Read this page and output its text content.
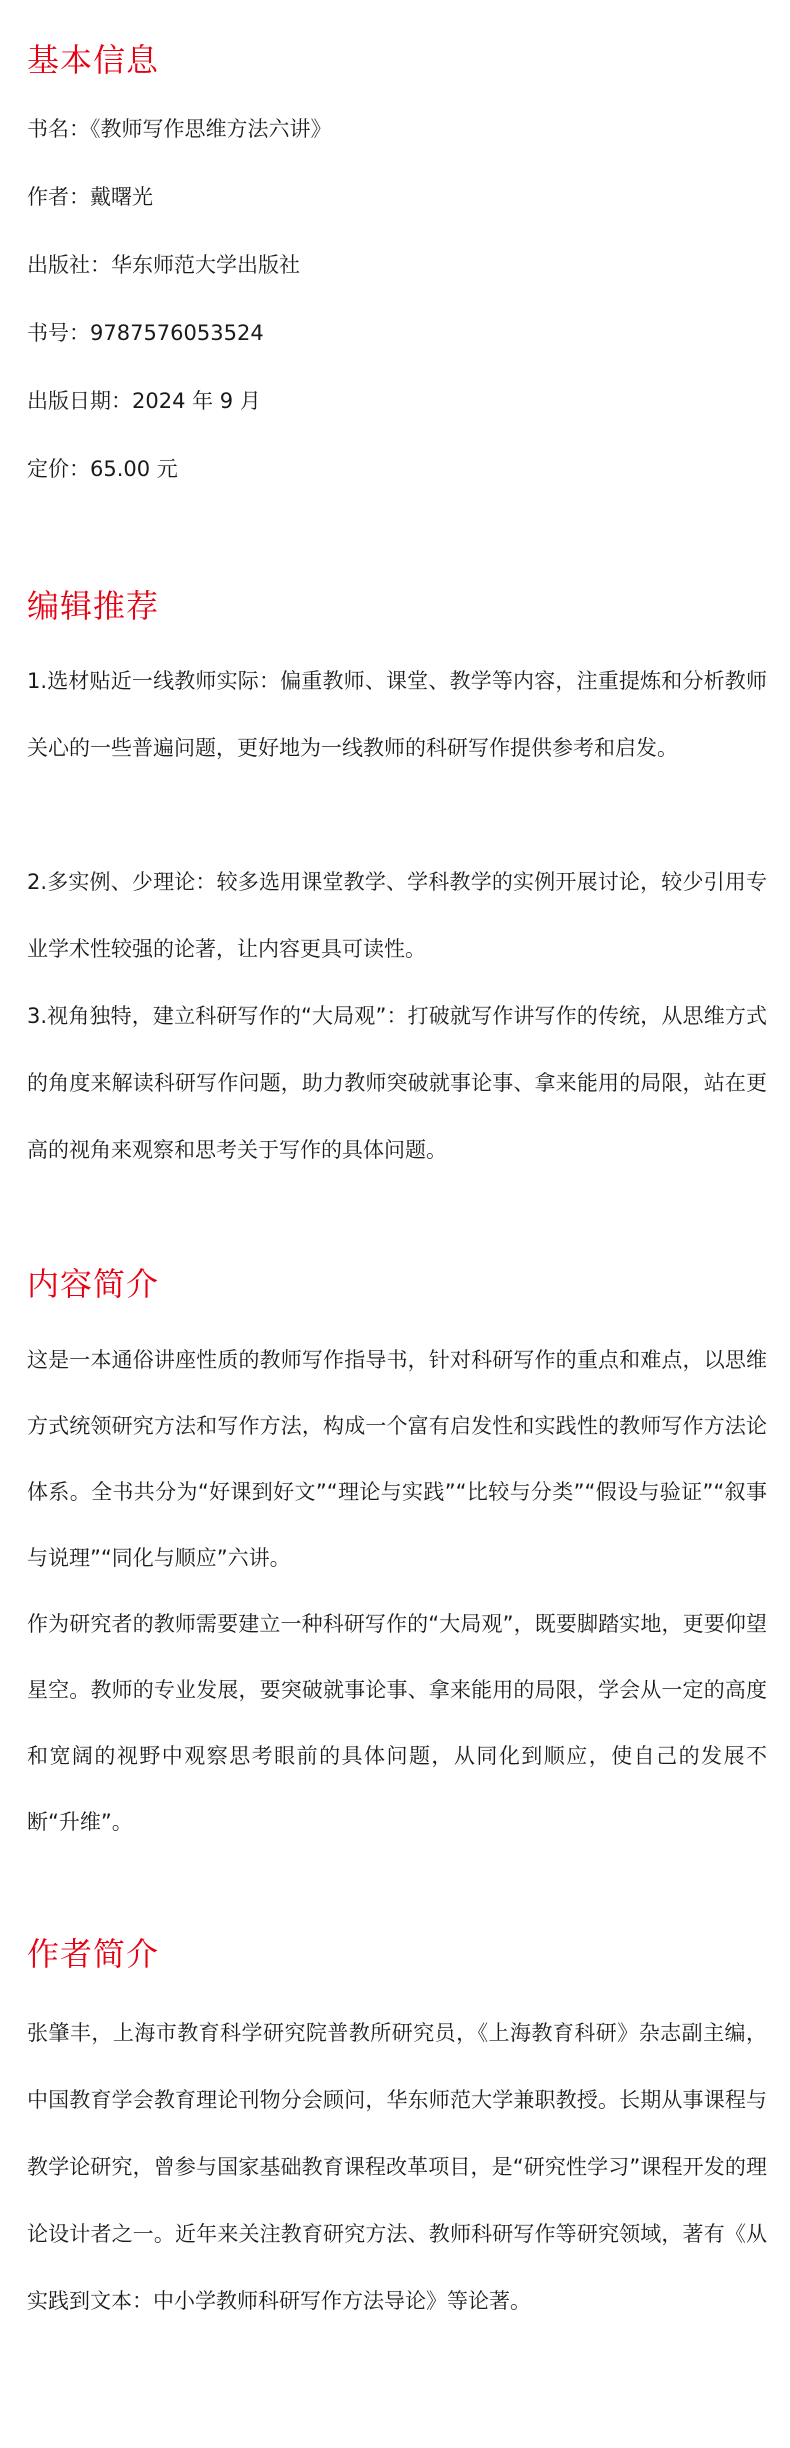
基本信息

书名：《教师写作思维方法六讲》

作者：戴曙光

出版社：华东师范大学出版社

书号：9787576053524

出版日期：2024 年 9 月

定价：65.00 元

编辑推荐

1.选材贴近一线教师实际：偏重教师、课堂、教学等内容，注重提炼和分析教师关心的一些普遍问题，更好地为一线教师的科研写作提供参考和启发。

2.多实例、少理论：较多选用课堂教学、学科教学的实例开展讨论，较少引用专业学术性较强的论著，让内容更具可读性。

3.视角独特，建立科研写作的“大局观”：打破就写作讲写作的传统，从思维方式的角度来解读科研写作问题，助力教师突破就事论事、拿来能用的局限，站在更高的视角来观察和思考关于写作的具体问题。

内容简介

这是一本通俗讲座性质的教师写作指导书，针对科研写作的重点和难点，以思维方式统领研究方法和写作方法，构成一个富有启发性和实践性的教师写作方法论体系。全书共分为“好课到好文”“理论与实践”“比较与分类”“假设与验证”“叙事与说理”“同化与顺应”六讲。

作为研究者的教师需要建立一种科研写作的“大局观”，既要脚踏实地，更要仰望星空。教师的专业发展，要突破就事论事、拿来能用的局限，学会从一定的高度和宽阔的视野中观察思考眼前的具体问题，从同化到顺应，使自己的发展不断“升维”。

作者简介

张肇丰，上海市教育科学研究院普教所研究员，《上海教育科研》杂志副主编，中国教育学会教育理论刊物分会顾问，华东师范大学兼职教授。长期从事课程与教学论研究，曾参与国家基础教育课程改革项目，是“研究性学习”课程开发的理论设计者之一。近年来关注教育研究方法、教师科研写作等研究领域，著有《从实践到文本：中小学教师科研写作方法导论》等论著。
